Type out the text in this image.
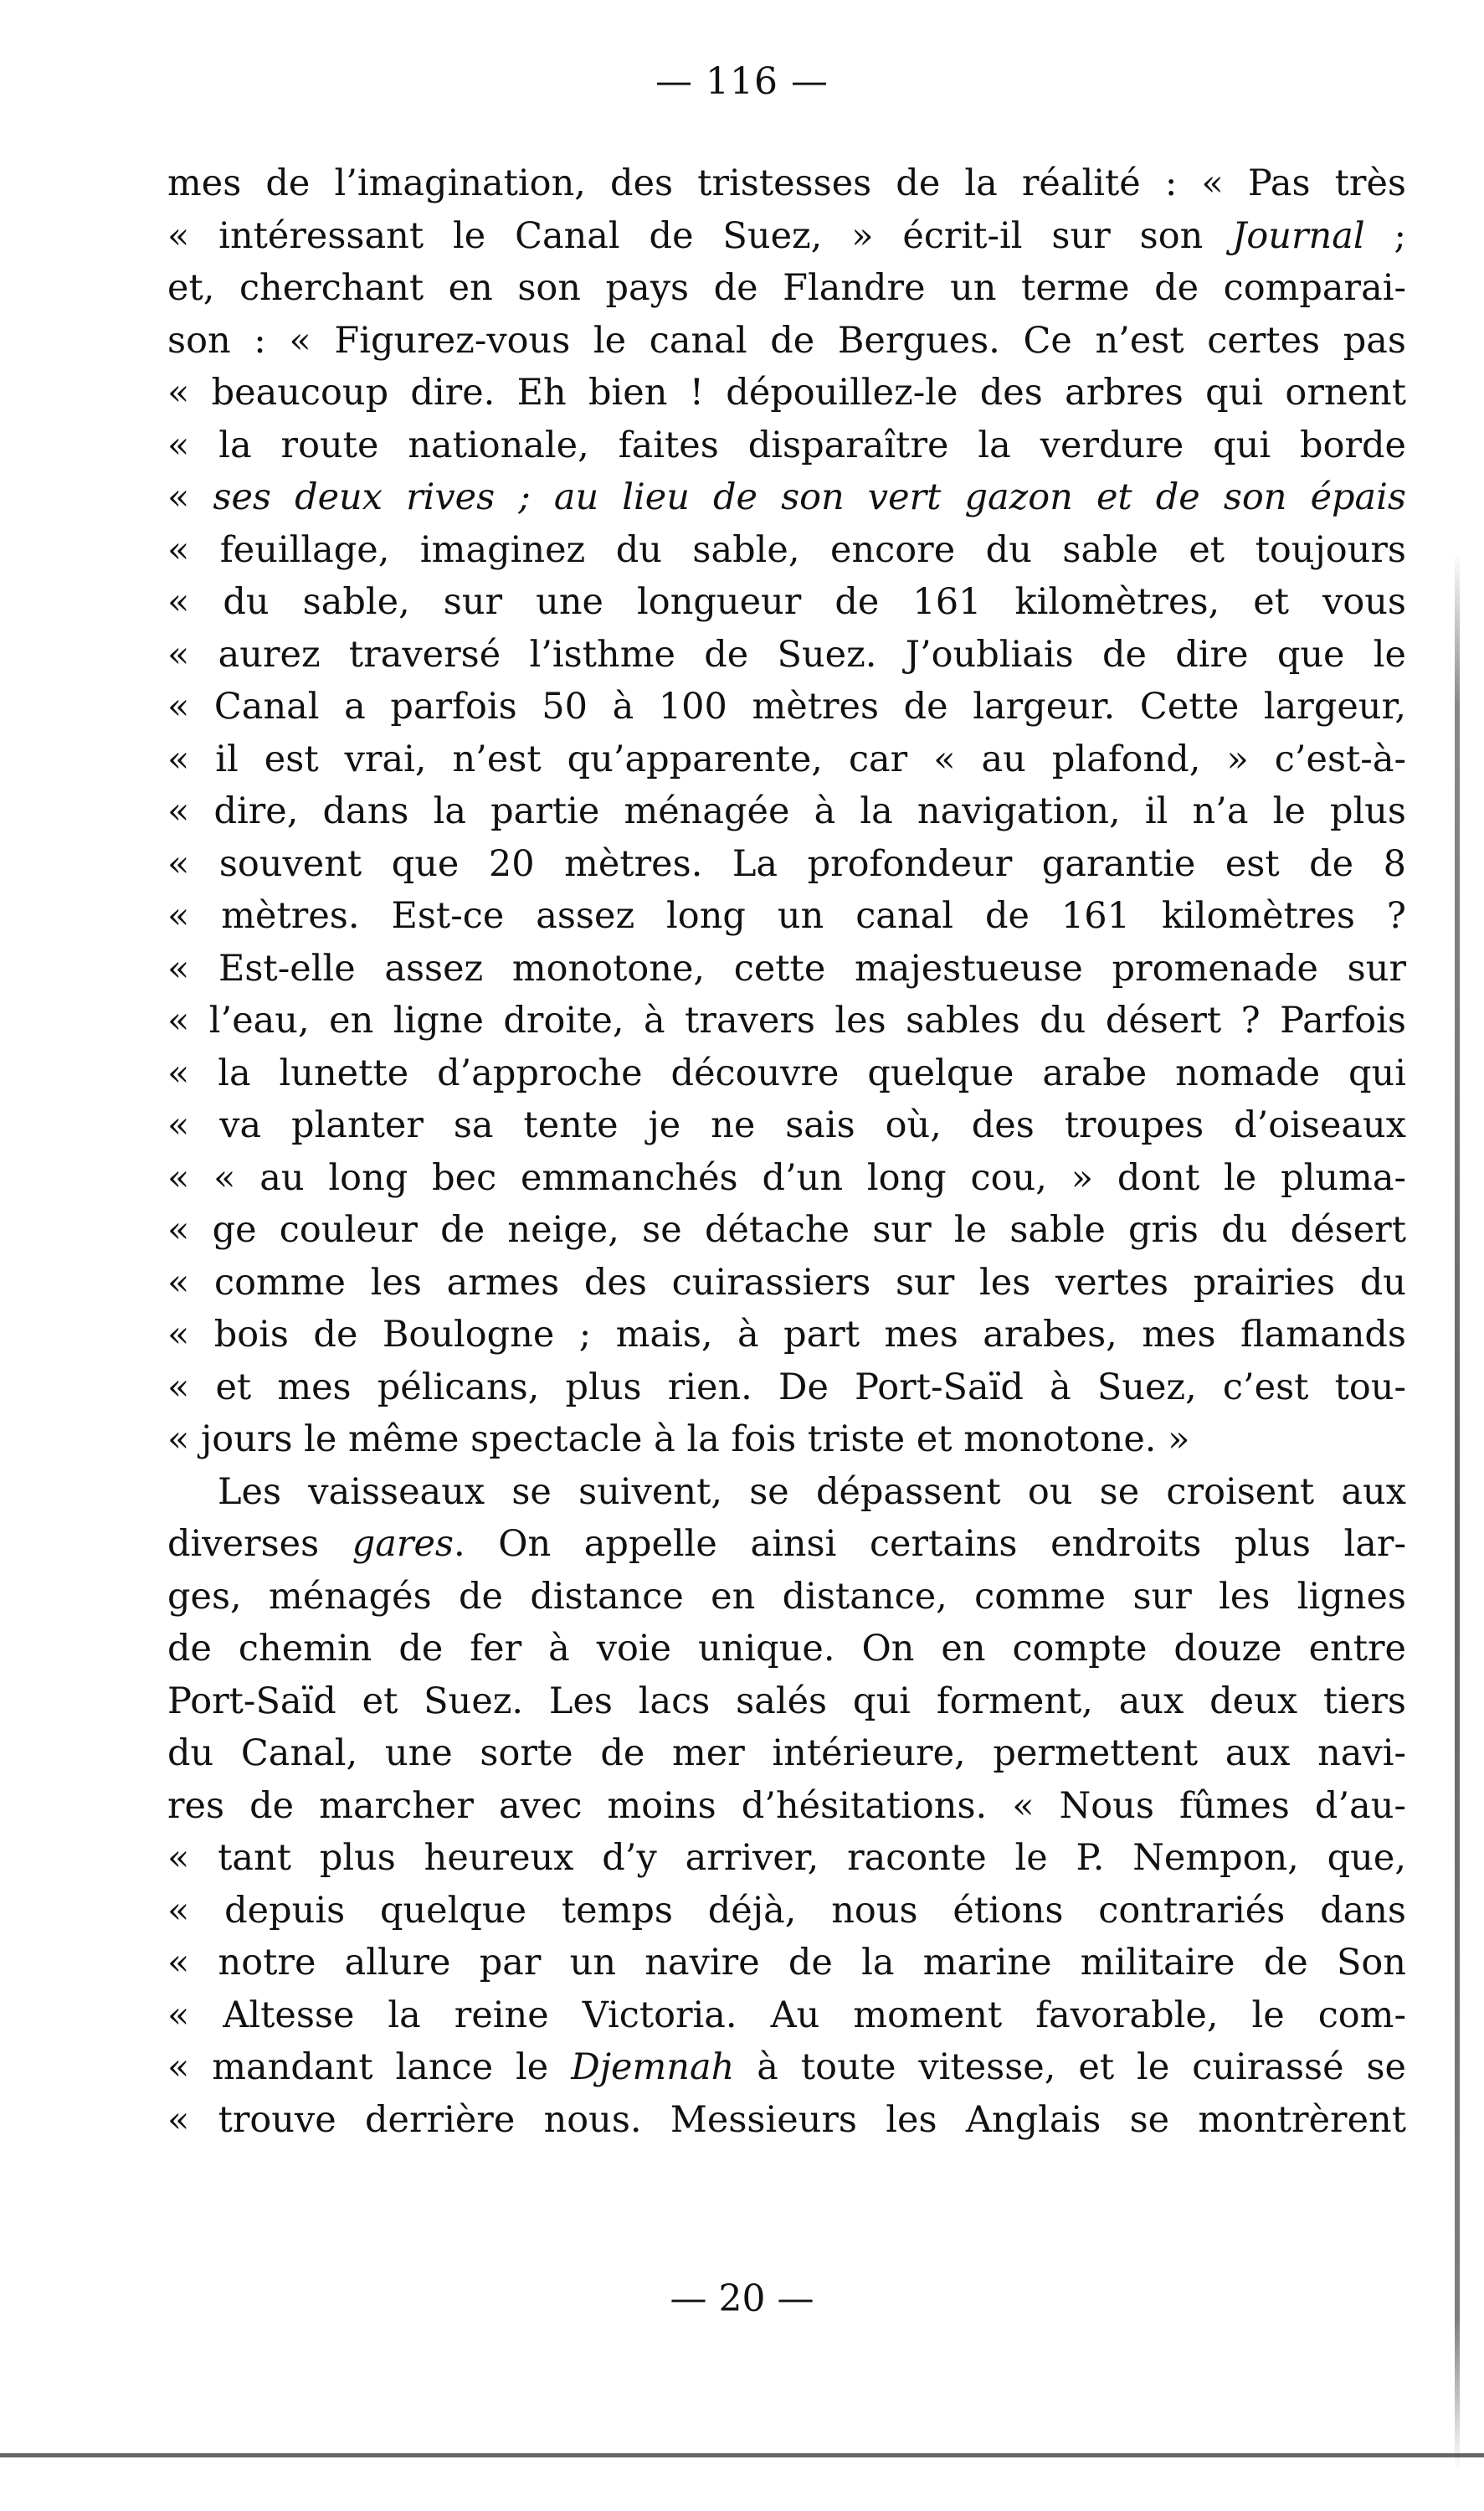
— 116 —
mes de l’imagination, des tristesses de la réalité : « Pas très
« intéressant le Canal de Suez, » écrit-il sur son Journal ;
et, cherchant en son pays de Flandre un terme de comparai-
son : « Figurez-vous le canal de Bergues. Ce n’est certes pas
« beaucoup dire. Eh bien ! dépouillez-le des arbres qui ornent
« la route nationale, faites disparaître la verdure qui borde
« ses deux rives ; au lieu de son vert gazon et de son épais
« feuillage, imaginez du sable, encore du sable et toujours
« du sable, sur une longueur de 161 kilomètres, et vous
« aurez traversé l’isthme de Suez. J’oubliais de dire que le
« Canal a parfois 50 à 100 mètres de largeur. Cette largeur,
« il est vrai, n’est qu’apparente, car « au plafond, » c’est-à-
« dire, dans la partie ménagée à la navigation, il n’a le plus
« souvent que 20 mètres. La profondeur garantie est de 8
« mètres. Est-ce assez long un canal de 161 kilomètres ?
« Est-elle assez monotone, cette majestueuse promenade sur
« l’eau, en ligne droite, à travers les sables du désert ? Parfois
« la lunette d’approche découvre quelque arabe nomade qui
« va planter sa tente je ne sais où, des troupes d’oiseaux
« « au long bec emmanchés d’un long cou, » dont le pluma-
« ge couleur de neige, se détache sur le sable gris du désert
« comme les armes des cuirassiers sur les vertes prairies du
« bois de Boulogne ; mais, à part mes arabes, mes flamands
« et mes pélicans, plus rien. De Port-Saïd à Suez, c’est tou-
« jours le même spectacle à la fois triste et monotone. »
Les vaisseaux se suivent, se dépassent ou se croisent aux
diverses gares. On appelle ainsi certains endroits plus lar-
ges, ménagés de distance en distance, comme sur les lignes
de chemin de fer à voie unique. On en compte douze entre
Port-Saïd et Suez. Les lacs salés qui forment, aux deux tiers
du Canal, une sorte de mer intérieure, permettent aux navi-
res de marcher avec moins d’hésitations. « Nous fûmes d’au-
« tant plus heureux d’y arriver, raconte le P. Nempon, que,
« depuis quelque temps déjà, nous étions contrariés dans
« notre allure par un navire de la marine militaire de Son
« Altesse la reine Victoria. Au moment favorable, le com-
« mandant lance le Djemnah à toute vitesse, et le cuirassé se
« trouve derrière nous. Messieurs les Anglais se montrèrent
— 20 —
